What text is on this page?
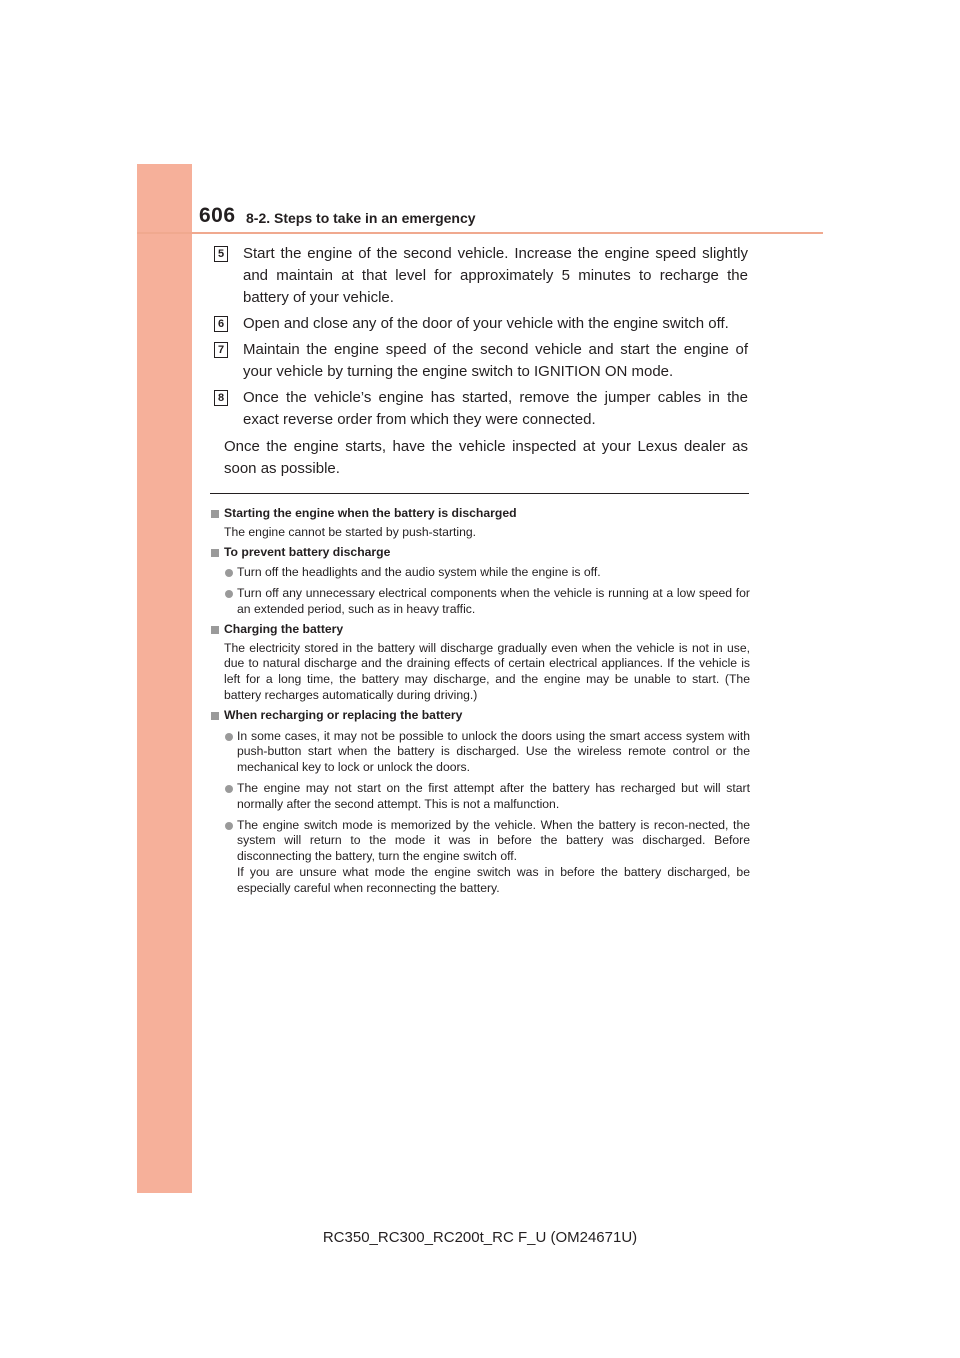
606 8-2. Steps to take in an emergency
5 Start the engine of the second vehicle. Increase the engine speed slightly and maintain at that level for approximately 5 minutes to recharge the battery of your vehicle.
6 Open and close any of the door of your vehicle with the engine switch off.
7 Maintain the engine speed of the second vehicle and start the engine of your vehicle by turning the engine switch to IGNITION ON mode.
8 Once the vehicle’s engine has started, remove the jumper cables in the exact reverse order from which they were connected.
Once the engine starts, have the vehicle inspected at your Lexus dealer as soon as possible.
Starting the engine when the battery is discharged
The engine cannot be started by push-starting.
To prevent battery discharge
Turn off the headlights and the audio system while the engine is off.
Turn off any unnecessary electrical components when the vehicle is running at a low speed for an extended period, such as in heavy traffic.
Charging the battery
The electricity stored in the battery will discharge gradually even when the vehicle is not in use, due to natural discharge and the draining effects of certain electrical appliances. If the vehicle is left for a long time, the battery may discharge, and the engine may be unable to start. (The battery recharges automatically during driving.)
When recharging or replacing the battery
In some cases, it may not be possible to unlock the doors using the smart access system with push-button start when the battery is discharged. Use the wireless remote control or the mechanical key to lock or unlock the doors.
The engine may not start on the first attempt after the battery has recharged but will start normally after the second attempt. This is not a malfunction.
The engine switch mode is memorized by the vehicle. When the battery is recon-nected, the system will return to the mode it was in before the battery was discharged. Before disconnecting the battery, turn the engine switch off.
If you are unsure what mode the engine switch was in before the battery discharged, be especially careful when reconnecting the battery.
RC350_RC300_RC200t_RC F_U (OM24671U)
